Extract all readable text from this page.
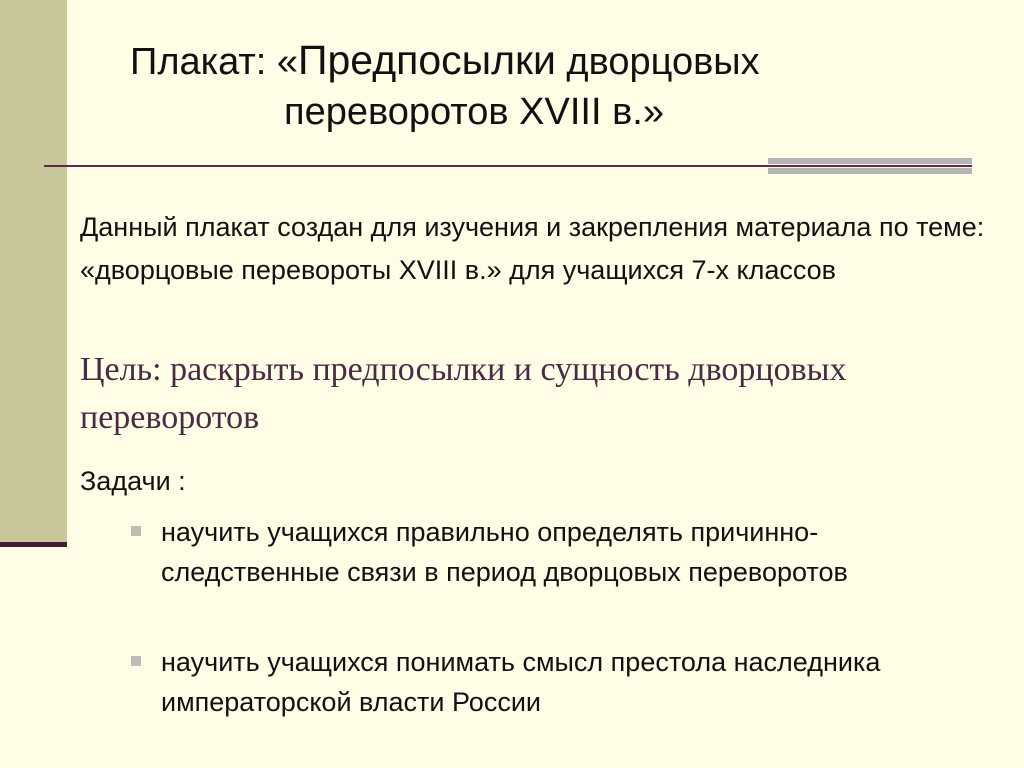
Плакат: «Предпосылки дворцовых
переворотов XVIII в.»
Данный плакат создан для изучения и закрепления материала по теме: «дворцовые перевороты XVIII в.» для учащихся 7-х классов
Цель: раскрыть предпосылки и сущность дворцовых переворотов
Задачи :
научить учащихся правильно определять причинно-следственные связи в период дворцовых переворотов
научить учащихся понимать смысл престола наследника императорской власти России
